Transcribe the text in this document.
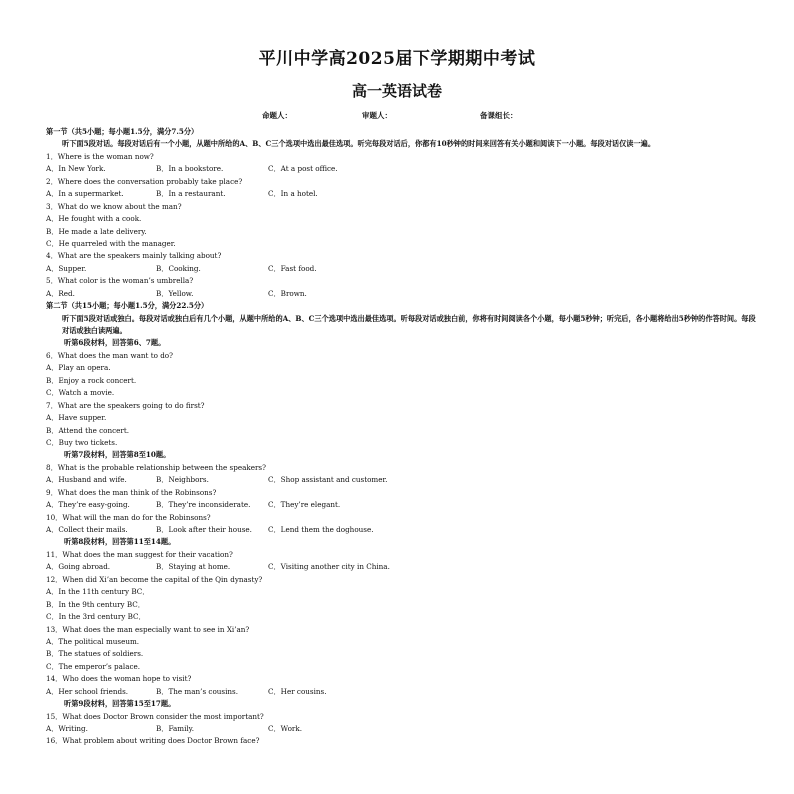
平川中学高2025届下学期期中考试
高一英语试卷
命题人：	审题人：	备课组长：
第一节（共5小题；每小题1.5分，满分7.5分）
听下面5段对话。每段对话后有一个小题，从题中所给的A、B、C三个选项中选出最佳选项。听完每段对话后，你都有10秒钟的时间来回答有关小题和阅读下一小题。每段对话仅读一遍。
1．Where is the woman now?
A．In New York.	B．In a bookstore.	C．At a post office.
2．Where does the conversation probably take place?
A．In a supermarket.	B．In a restaurant.	C．In a hotel.
3．What do we know about the man?
A．He fought with a cook.
B．He made a late delivery.
C．He quarreled with the manager.
4．What are the speakers mainly talking about?
A．Supper.	B．Cooking.	C．Fast food.
5．What color is the woman’s umbrella?
A．Red.	B．Yellow.	C．Brown.
第二节（共15小题；每小题1.5分，满分22.5分）
听下面5段对话或独白。每段对话或独白后有几个小题，从题中所给的A、B、C三个选项中选出最佳选项。听每段对话或独白前，你将有时间阅读各个小题，每小题5秒钟；听完后，各小题将给出5秒钟的作答时间。每段对话或独白读两遍。
听第6段材料，回答第6、7题。
6．What does the man want to do?
A．Play an opera.
B．Enjoy a rock concert.
C．Watch a movie.
7．What are the speakers going to do first?
A．Have supper.
B．Attend the concert.
C．Buy two tickets.
听第7段材料，回答第8至10题。
8．What is the probable relationship between the speakers?
A．Husband and wife.	B．Neighbors.	C．Shop assistant and customer.
9．What does the man think of the Robinsons?
A．They’re easy-going.	B．They’re inconsiderate. C．They’re elegant.
10．What will the man do for the Robinsons?
A．Collect their mails.	B．Look after their house. C．Lend them the doghouse.
听第8段材料，回答第11至14题。
11．What does the man suggest for their vacation?
A．Going abroad.	B．Staying at home.	C．Visiting another city in China.
12．When did Xi’an become the capital of the Qin dynasty?
A．In the 11th century BC．
B．In the 9th century BC．
C．In the 3rd century BC．
13．What does the man especially want to see in Xi’an?
A．The political museum.
B．The statues of soldiers.
C．The emperor’s palace.
14．Who does the woman hope to visit?
A．Her school friends.	B．The man’s cousins.	C．Her cousins.
听第9段材料，回答第15至17题。
15．What does Doctor Brown consider the most important?
A．Writing.	B．Family.	C．Work.
16．What problem about writing does Doctor Brown face?
